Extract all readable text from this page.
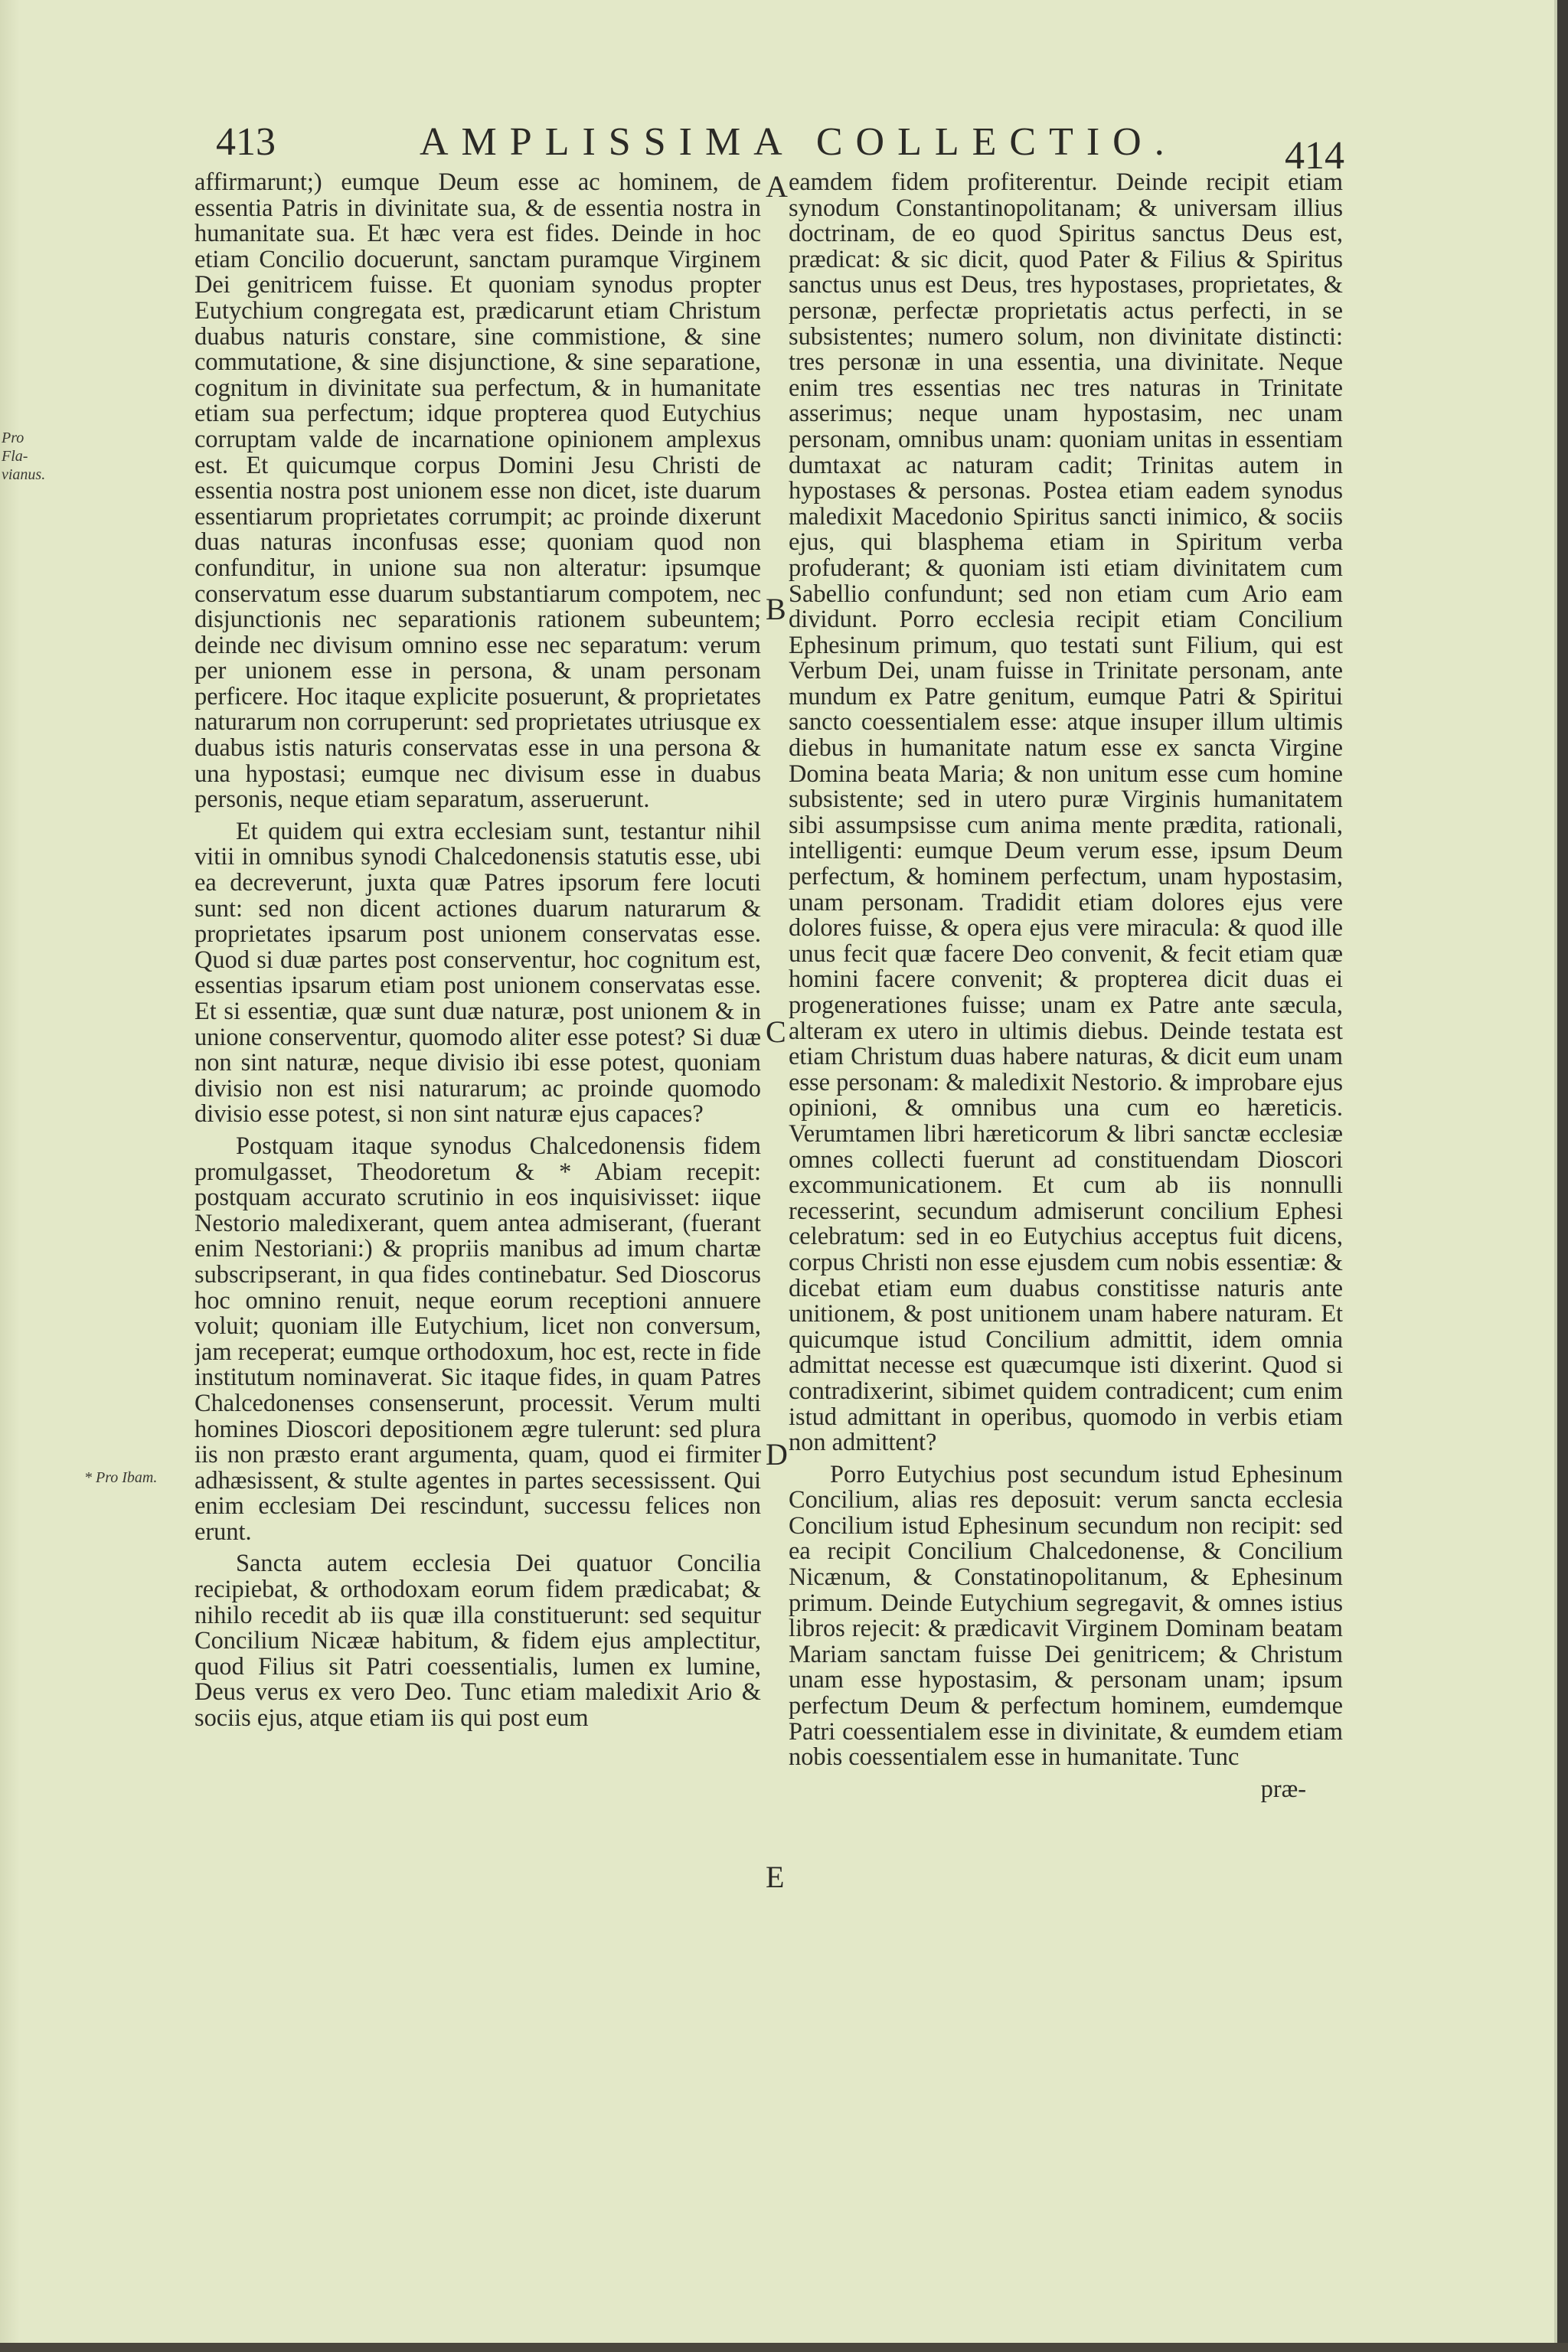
413	AMPLISSIMA COLLECTIO.	414
Pro Fla-vianus.
* Pro Ibam.

affirmarunt;) eumque Deum esse ac hominem, de essentia Patris in divinitate sua, & de essentia nostra in humanitate sua. Et hæc vera est fides. Deinde in hoc etiam Concilio docuerunt, sanctam puramque Virginem Dei genitricem fuisse. Et quoniam synodus propter Eutychium congregata est, prædicarunt etiam Christum duabus naturis constare, sine commistione, & sine commutatione, & sine disjunctione, & sine separatione, cognitum in divinitate sua perfectum, & in humanitate etiam sua perfectum; idque propterea quod Eutychius corruptam valde de incarnatione opinionem amplexus est. Et quicumque corpus Domini Jesu Christi de essentia nostra post unionem esse non dicet, iste duarum essentiarum proprietates corrumpit; ac proinde dixerunt duas naturas inconfusas esse; quoniam quod non confunditur, in unione sua non alteratur: ipsumque conservatum esse duarum substantiarum compotem, nec disjunctionis nec separationis rationem subeuntem; deinde nec divisum omnino esse nec separatum: verum per unionem esse in persona, & unam personam perficere. Hoc itaque explicite posuerunt, & proprietates naturarum non corruperunt: sed proprietates utriusque ex duabus istis naturis conservatas esse in una persona & una hypostasi; eumque nec divisum esse in duabus personis, neque etiam separatum, asseruerunt.

Et quidem qui extra ecclesiam sunt, testantur nihil vitii in omnibus synodi Chalcedonensis statutis esse, ubi ea decreverunt, juxta quæ Patres ipsorum fere locuti sunt: sed non dicent actiones duarum naturarum & proprietates ipsarum post unionem conservatas esse. Quod si duæ partes post conserventur, hoc cognitum est, essentias ipsarum etiam post unionem conservatas esse. Et si essentiæ, quæ sunt duæ naturæ, post unionem & in unione conserventur, quomodo aliter esse potest? Si duæ non sint naturæ, neque divisio ibi esse potest, quoniam divisio non est nisi naturarum; ac proinde quomodo divisio esse potest, si non sint naturæ ejus capaces?

Postquam itaque synodus Chalcedonensis fidem promulgasset, Theodoretum & * Abiam recepit: postquam accurato scrutinio in eos inquisivisset: iique Nestorio maledixerant, quem antea admiserant, (fuerant enim Nestoriani:) & propriis manibus ad imum chartæ subscripserant, in qua fides continebatur. Sed Dioscorus hoc omnino renuit, neque eorum receptioni annuere voluit; quoniam ille Eutychium, licet non conversum, jam receperat; eumque orthodoxum, hoc est, recte in fide institutum nominaverat. Sic itaque fides, in quam Patres Chalcedonenses consenserunt, processit. Verum multi homines Dioscori depositionem ægre tulerunt: sed plura iis non præsto erant argumenta, quam, quod ei firmiter adhæsissent, & stulte agentes in partes secessissent. Qui enim ecclesiam Dei rescindunt, successu felices non erunt.

Sancta autem ecclesia Dei quatuor Concilia recipiebat, & orthodoxam eorum fidem prædicabat; & nihilo recedit ab iis quæ illa constituerunt: sed sequitur Concilium Nicææ habitum, & fidem ejus amplectitur, quod Filius sit Patri coessentialis, lumen ex lumine, Deus verus ex vero Deo. Tunc etiam maledixit Ario & sociis ejus, atque etiam iis qui post eum

A
B
C
D
E

eamdem fidem profiterentur. Deinde recipit etiam synodum Constantinopolitanam; & universam illius doctrinam, de eo quod Spiritus sanctus Deus est, prædicat: & sic dicit, quod Pater & Filius & Spiritus sanctus unus est Deus, tres hypostases, proprietates, & personæ, perfectæ proprietatis actus perfecti, in se subsistentes; numero solum, non divinitate distincti: tres personæ in una essentia, una divinitate. Neque enim tres essentias nec tres naturas in Trinitate asserimus; neque unam hypostasim, nec unam personam, omnibus unam: quoniam unitas in essentiam dumtaxat ac naturam cadit; Trinitas autem in hypostases & personas. Postea etiam eadem synodus maledixit Macedonio Spiritus sancti inimico, & sociis ejus, qui blasphema etiam in Spiritum verba profuderant; & quoniam isti etiam divinitatem cum Sabellio confundunt; sed non etiam cum Ario eam dividunt. Porro ecclesia recipit etiam Concilium Ephesinum primum, quo testati sunt Filium, qui est Verbum Dei, unam fuisse in Trinitate personam, ante mundum ex Patre genitum, eumque Patri & Spiritui sancto coessentialem esse: atque insuper illum ultimis diebus in humanitate natum esse ex sancta Virgine Domina beata Maria; & non unitum esse cum homine subsistente; sed in utero puræ Virginis humanitatem sibi assumpsisse cum anima mente prædita, rationali, intelligenti: eumque Deum verum esse, ipsum Deum perfectum, & hominem perfectum, unam hypostasim, unam personam. Tradidit etiam dolores ejus vere dolores fuisse, & opera ejus vere miracula: & quod ille unus fecit quæ facere Deo convenit, & fecit etiam quæ homini facere convenit; & propterea dicit duas ei progenerationes fuisse; unam ex Patre ante sæcula, alteram ex utero in ultimis diebus. Deinde testata est etiam Christum duas habere naturas, & dicit eum unam esse personam: & maledixit Nestorio. & improbare ejus opinioni, & omnibus una cum eo hæreticis. Verumtamen libri hæreticorum & libri sanctæ ecclesiæ omnes collecti fuerunt ad constituendam Dioscori excommunicationem. Et cum ab iis nonnulli recesserint, secundum admiserunt concilium Ephesi celebratum: sed in eo Eutychius acceptus fuit dicens, corpus Christi non esse ejusdem cum nobis essentiæ: & dicebat etiam eum duabus constitisse naturis ante unitionem, & post unitionem unam habere naturam. Et quicumque istud Concilium admittit, idem omnia admittat necesse est quæcumque isti dixerint. Quod si contradixerint, sibimet quidem contradicent; cum enim istud admittant in operibus, quomodo in verbis etiam non admittent?

Porro Eutychius post secundum istud Ephesinum Concilium, alias res deposuit: verum sancta ecclesia Concilium istud Ephesinum secundum non recipit: sed ea recipit Concilium Chalcedonense, & Concilium Nicænum, & Constatinopolitanum, & Ephesinum primum. Deinde Eutychium segregavit, & omnes istius libros rejecit: & prædicavit Virginem Dominam beatam Mariam sanctam fuisse Dei genitricem; & Christum unam esse hypostasim, & personam unam; ipsum perfectum Deum & perfectum hominem, eumdemque Patri coessentialem esse in divinitate, & eumdem etiam nobis coessentialem esse in humanitate. Tunc

præ-
